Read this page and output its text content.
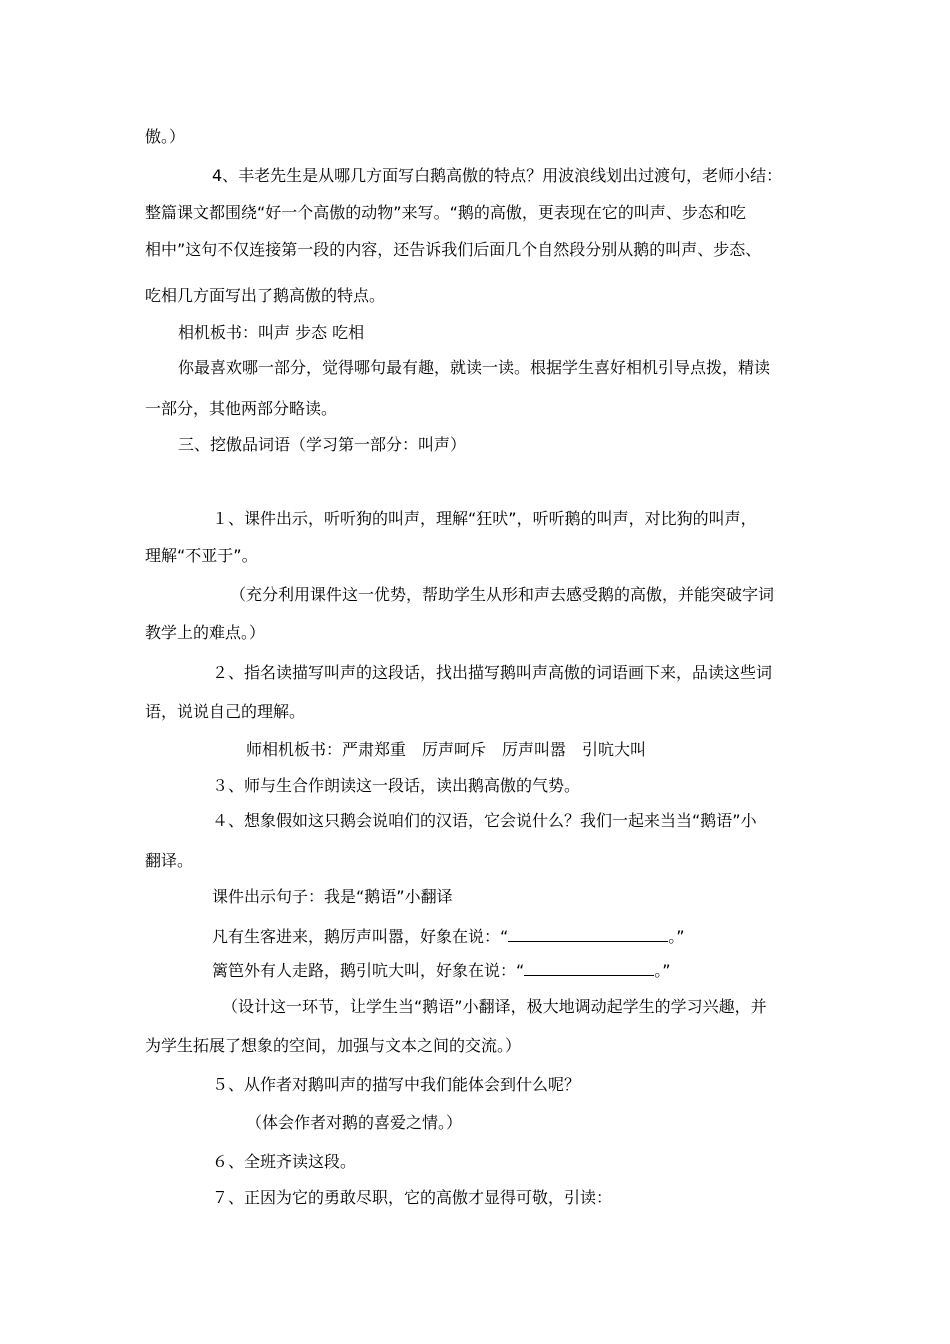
傲。）
4、丰老先生是从哪几方面写白鹅高傲的特点？用波浪线划出过渡句，老师小结：
整篇课文都围绕“好一个高傲的动物”来写。“鹅的高傲，更表现在它的叫声、步态和吃
相中”这句不仅连接第一段的内容，还告诉我们后面几个自然段分别从鹅的叫声、步态、
吃相几方面写出了鹅高傲的特点。
相机板书：叫声 步态 吃相
你最喜欢哪一部分，觉得哪句最有趣，就读一读。根据学生喜好相机引导点拨，精读
一部分，其他两部分略读。
三、挖傲品词语（学习第一部分：叫声）
１、课件出示，听听狗的叫声，理解“狂吠”，听听鹅的叫声，对比狗的叫声，
理解“不亚于”。
（充分利用课件这一优势，帮助学生从形和声去感受鹅的高傲，并能突破字词
教学上的难点。）
２、指名读描写叫声的这段话，找出描写鹅叫声高傲的词语画下来，品读这些词
语，说说自己的理解。
师相机板书：严肃郑重　厉声呵斥　厉声叫嚣　引吭大叫
３、师与生合作朗读这一段话，读出鹅高傲的气势。
４、想象假如这只鹅会说咱们的汉语，它会说什么？我们一起来当当“鹅语”小
翻译。
课件出示句子：我是“鹅语”小翻译
凡有生客进来，鹅厉声叫嚣，好象在说：“	。”
篱笆外有人走路，鹅引吭大叫，好象在说：“	。”
（设计这一环节，让学生当“鹅语”小翻译，极大地调动起学生的学习兴趣，并
为学生拓展了想象的空间，加强与文本之间的交流。）
５、从作者对鹅叫声的描写中我们能体会到什么呢？
（体会作者对鹅的喜爱之情。）
６、全班齐读这段。
７、正因为它的勇敢尽职，它的高傲才显得可敬，引读：
